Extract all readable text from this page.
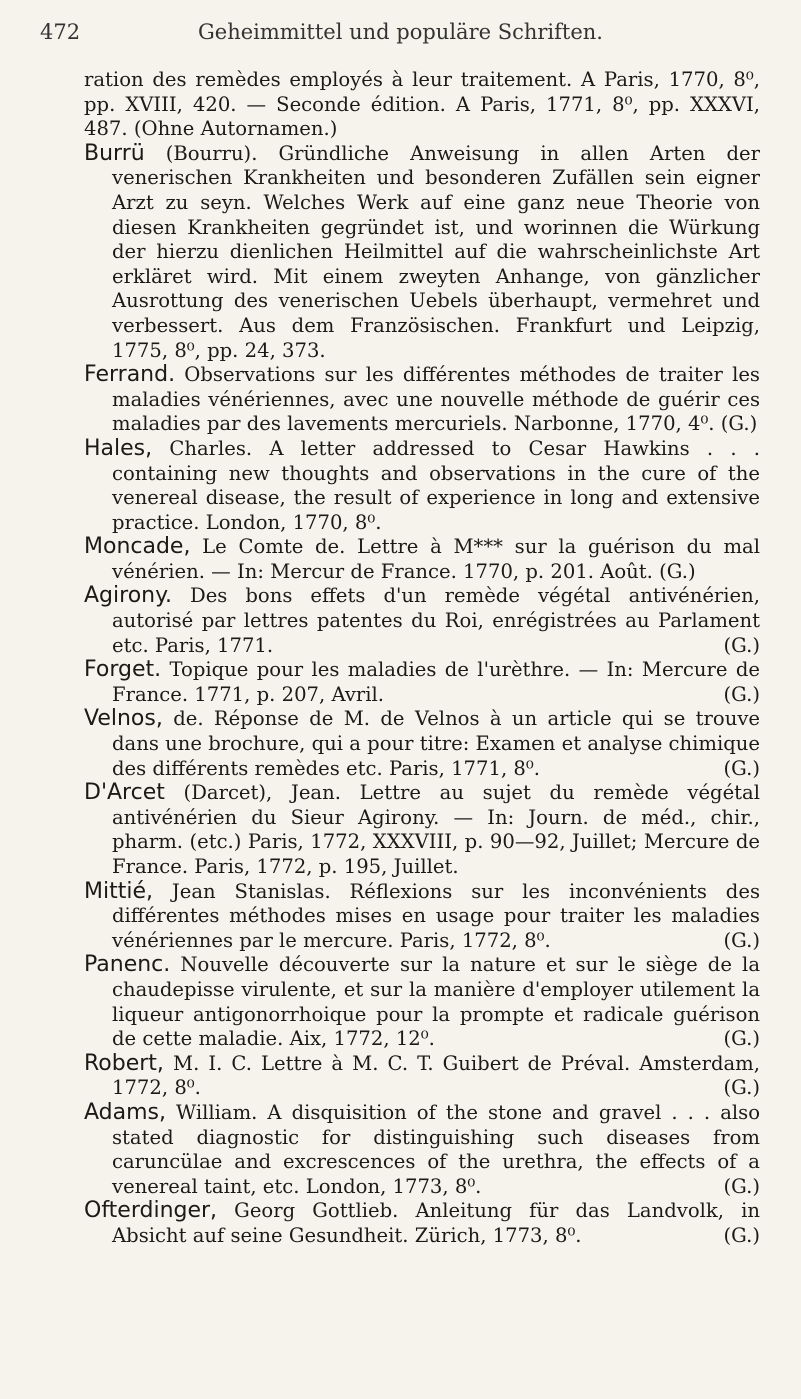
472	Geheimmittel und populäre Schriften.

ration des remèdes employés à leur traitement. A Paris, 1770, 8⁰, pp. XVIII, 420. — Seconde édition. A Paris, 1771, 8⁰, pp. XXXVI, 487. (Ohne Autornamen.)

Burrü (Bourru). Gründliche Anweisung in allen Arten der venerischen Krankheiten und besonderen Zufällen sein eigner Arzt zu seyn. Welches Werk auf eine ganz neue Theorie von diesen Krankheiten gegründet ist, und worinnen die Würkung der hierzu dienlichen Heilmittel auf die wahrscheinlichste Art erkläret wird. Mit einem zweyten Anhange, von gänzlicher Ausrottung des venerischen Uebels überhaupt, vermehret und verbessert. Aus dem Französischen. Frankfurt und Leipzig, 1775, 8⁰, pp. 24, 373.

Ferrand. Observations sur les différentes méthodes de traiter les maladies vénériennes, avec une nouvelle méthode de guérir ces maladies par des lavements mercuriels. Narbonne, 1770, 4⁰. (G.)

Hales, Charles. A letter addressed to Cesar Hawkins . . . containing new thoughts and observations in the cure of the venereal disease, the result of experience in long and extensive practice. London, 1770, 8⁰.

Moncade, Le Comte de. Lettre à M*** sur la guérison du mal vénérien. — In: Mercur de France. 1770, p. 201. Août. (G.)

Agirony. Des bons effets d'un remède végétal antivénérien, autorisé par lettres patentes du Roi, enrégistrées au Parlament etc. Paris, 1771.	(G.)

Forget. Topique pour les maladies de l'urèthre. — In: Mercure de France. 1771, p. 207, Avril.	(G.)

Velnos, de. Réponse de M. de Velnos à un article qui se trouve dans une brochure, qui a pour titre: Examen et analyse chimique des différents remèdes etc. Paris, 1771, 8⁰.	(G.)

D'Arcet (Darcet), Jean. Lettre au sujet du remède végétal antivénérien du Sieur Agirony. — In: Journ. de méd., chir., pharm. (etc.) Paris, 1772, XXXVIII, p. 90—92, Juillet; Mercure de France. Paris, 1772, p. 195, Juillet.

Mittié, Jean Stanislas. Réflexions sur les inconvénients des différentes méthodes mises en usage pour traiter les maladies vénériennes par le mercure. Paris, 1772, 8⁰.	(G.)

Panenc. Nouvelle découverte sur la nature et sur le siège de la chaudepisse virulente, et sur la manière d'employer utilement la liqueur antigonorrhoique pour la prompte et radicale guérison de cette maladie. Aix, 1772, 12⁰.	(G.)

Robert, M. I. C. Lettre à M. C. T. Guibert de Préval. Amsterdam, 1772, 8⁰.	(G.)

Adams, William. A disquisition of the stone and gravel . . . also stated diagnostic for distinguishing such diseases from caruncülae and excrescences of the urethra, the effects of a venereal taint, etc. London, 1773, 8⁰.	(G.)

Ofterdinger, Georg Gottlieb. Anleitung für das Landvolk, in Absicht auf seine Gesundheit. Zürich, 1773, 8⁰.	(G.)
